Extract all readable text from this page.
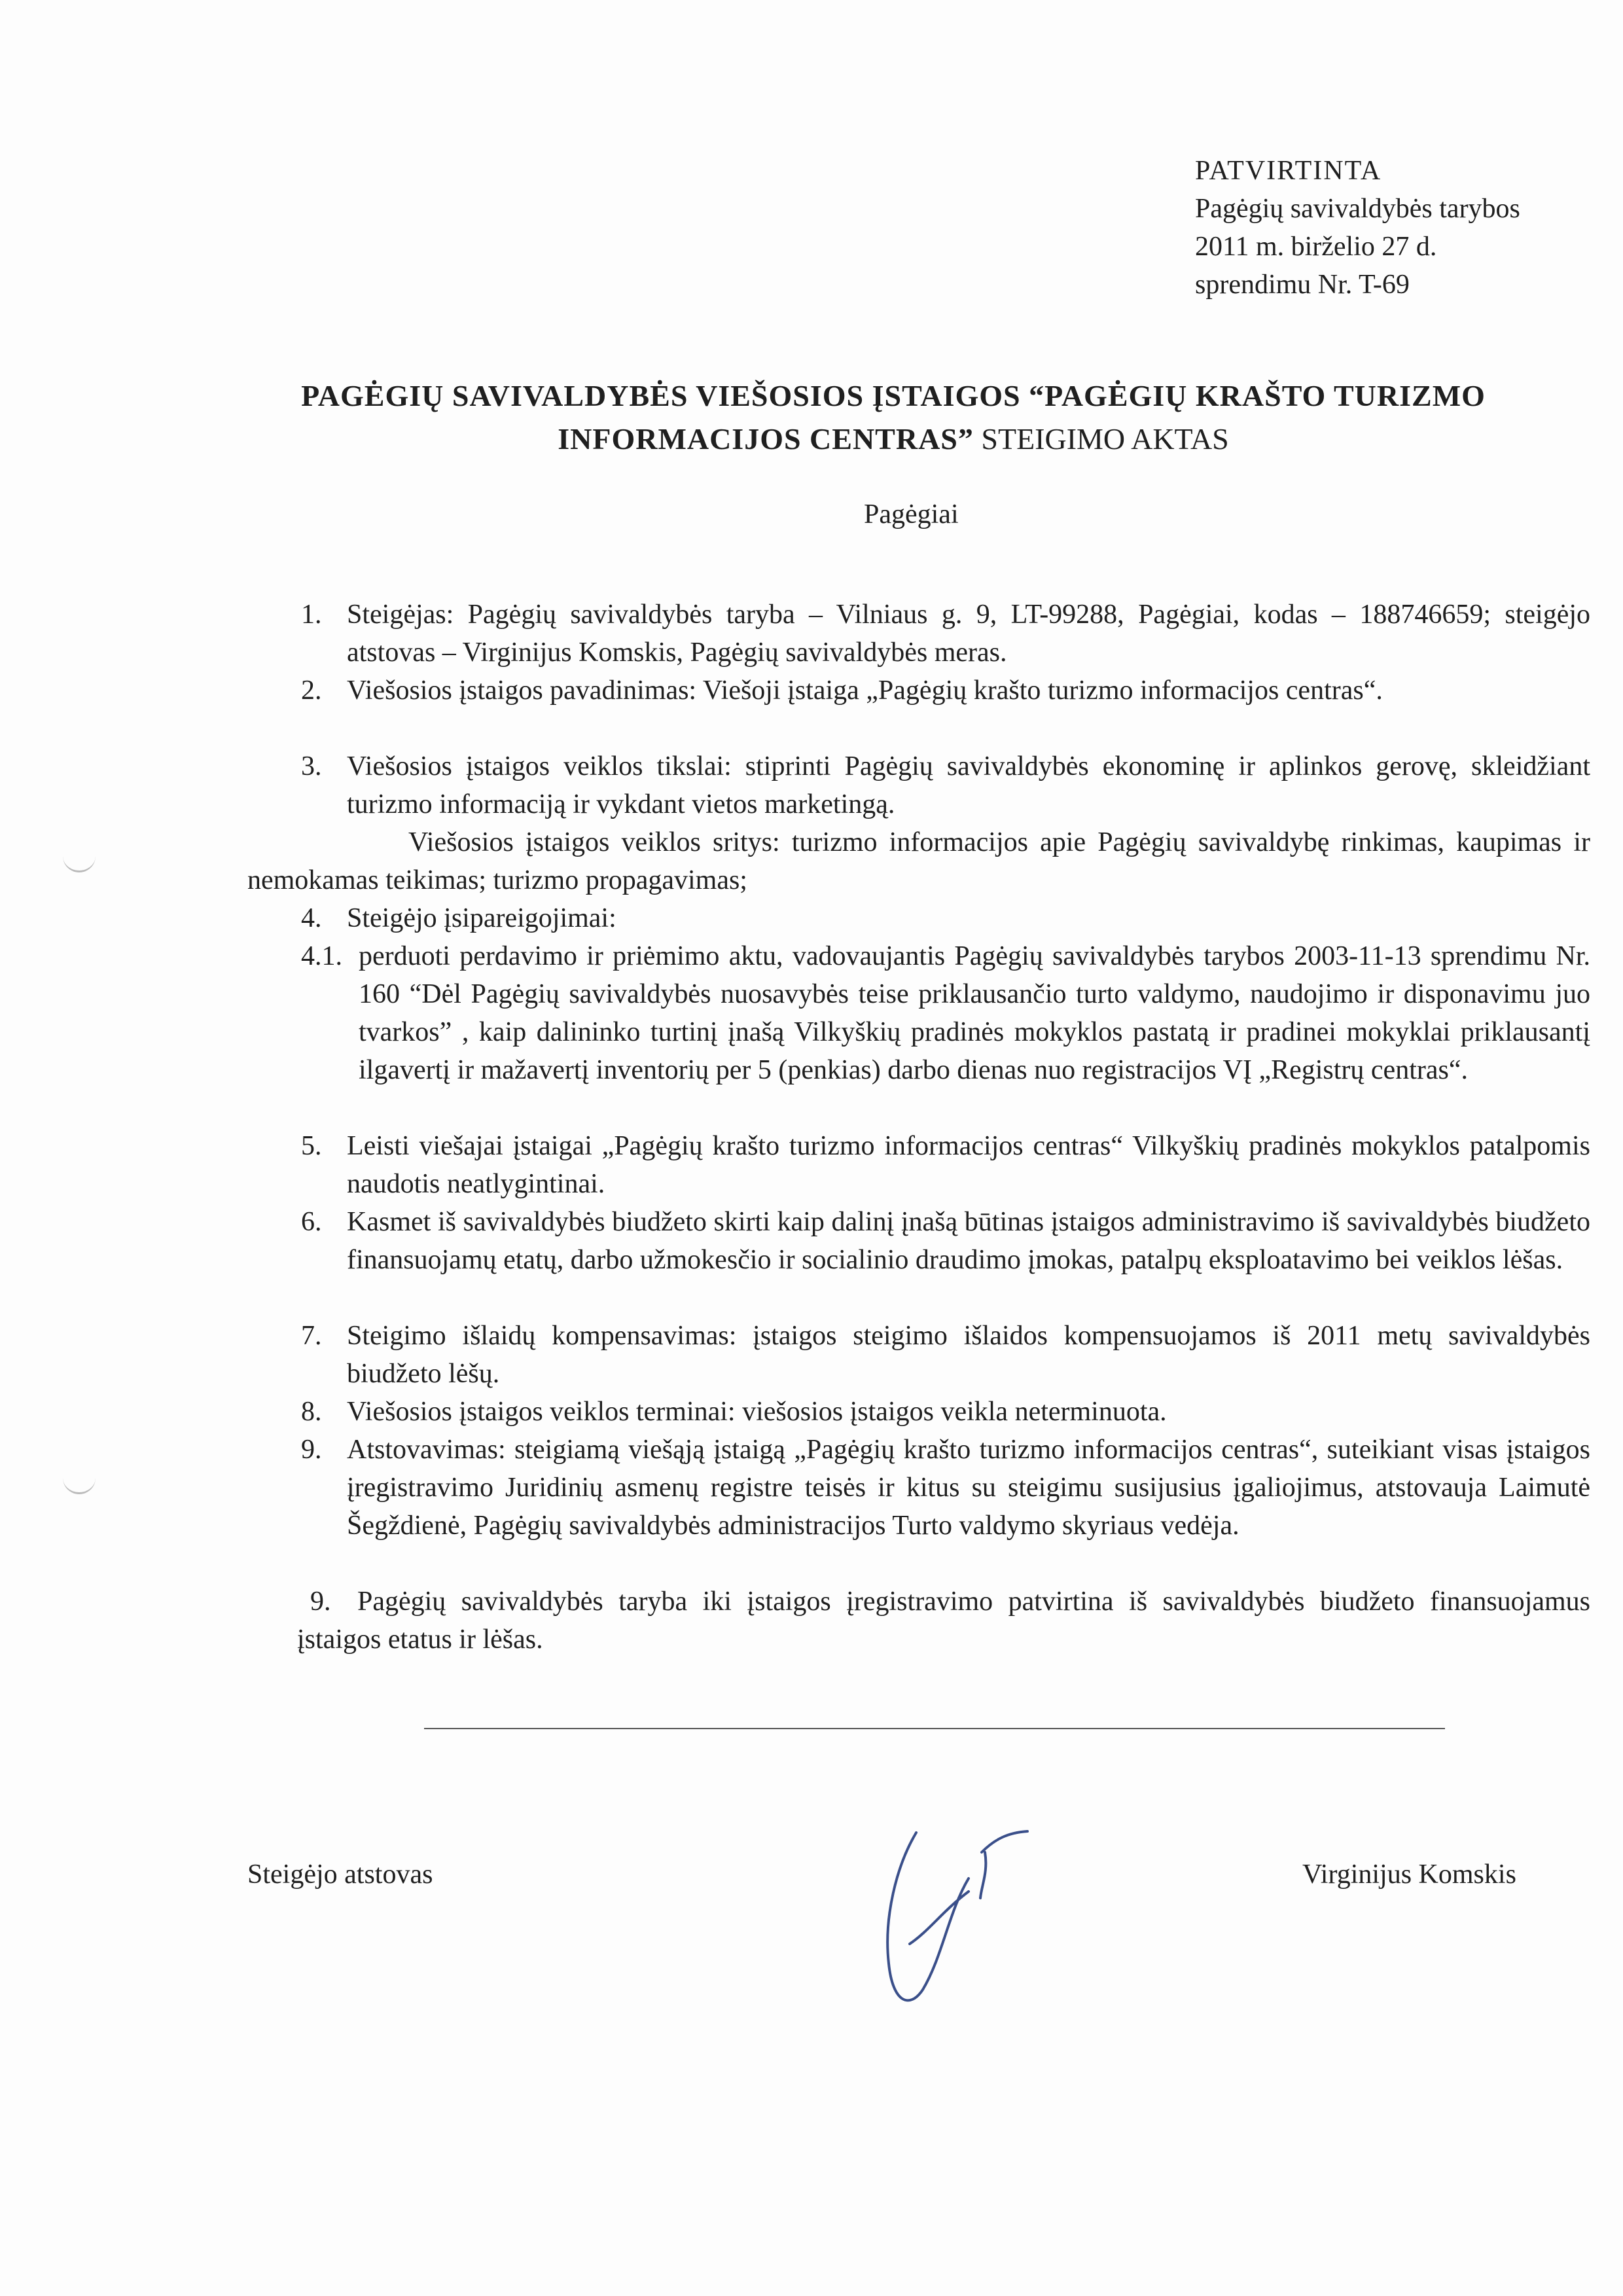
PATVIRTINTA
Pagėgių savivaldybės tarybos
2011 m. birželio 27 d.
sprendimu Nr. T-69
PAGĖGIŲ SAVIVALDYBĖS VIEŠOSIOS ĮSTAIGOS “PAGĖGIŲ KRAŠTO TURIZMO
INFORMACIJOS CENTRAS” STEIGIMO AKTAS
Pagėgiai
1. Steigėjas: Pagėgių savivaldybės taryba – Vilniaus g. 9, LT-99288, Pagėgiai, kodas – 188746659; steigėjo atstovas – Virginijus Komskis, Pagėgių savivaldybės meras.
2. Viešosios įstaigos pavadinimas: Viešoji įstaiga „Pagėgių krašto turizmo informacijos centras“.
3. Viešosios įstaigos veiklos tikslai: stiprinti Pagėgių savivaldybės ekonominę ir aplinkos gerovę, skleidžiant turizmo informaciją ir vykdant vietos marketingą.
Viešosios įstaigos veiklos sritys: turizmo informacijos apie Pagėgių savivaldybę rinkimas, kaupimas ir nemokamas teikimas; turizmo propagavimas;
4. Steigėjo įsipareigojimai:
4.1. perduoti perdavimo ir priėmimo aktu, vadovaujantis Pagėgių savivaldybės tarybos 2003-11-13 sprendimu Nr. 160 “Dėl Pagėgių savivaldybės nuosavybės teise priklausančio turto valdymo, naudojimo ir disponavimu juo tvarkos” , kaip dalininko turtinį įnašą Vilkyškių pradinės mokyklos pastatą ir pradinei mokyklai priklausantį ilgavertį ir mažavertį inventorių per 5 (penkias) darbo dienas nuo registracijos VĮ „Registrų centras“.
5. Leisti viešajai įstaigai „Pagėgių krašto turizmo informacijos centras“ Vilkyškių pradinės mokyklos patalpomis naudotis neatlygintinai.
6. Kasmet iš savivaldybės biudžeto skirti kaip dalinį įnašą būtinas įstaigos administravimo iš savivaldybės biudžeto finansuojamų etatų, darbo užmokesčio ir socialinio draudimo įmokas, patalpų eksploatavimo bei veiklos lėšas.
7. Steigimo išlaidų kompensavimas: įstaigos steigimo išlaidos kompensuojamos iš 2011 metų savivaldybės biudžeto lėšų.
8. Viešosios įstaigos veiklos terminai: viešosios įstaigos veikla neterminuota.
9. Atstovavimas: steigiamą viešąją įstaigą „Pagėgių krašto turizmo informacijos centras“, suteikiant visas įstaigos įregistravimo Juridinių asmenų registre teisės ir kitus su steigimu susijusius įgaliojimus, atstovauja Laimutė Šegždienė, Pagėgių savivaldybės administracijos Turto valdymo skyriaus vedėja.
9. Pagėgių savivaldybės taryba iki įstaigos įregistravimo patvirtina iš savivaldybės biudžeto finansuojamus įstaigos etatus ir lėšas.
Steigėjo atstovas	Virginijus Komskis
